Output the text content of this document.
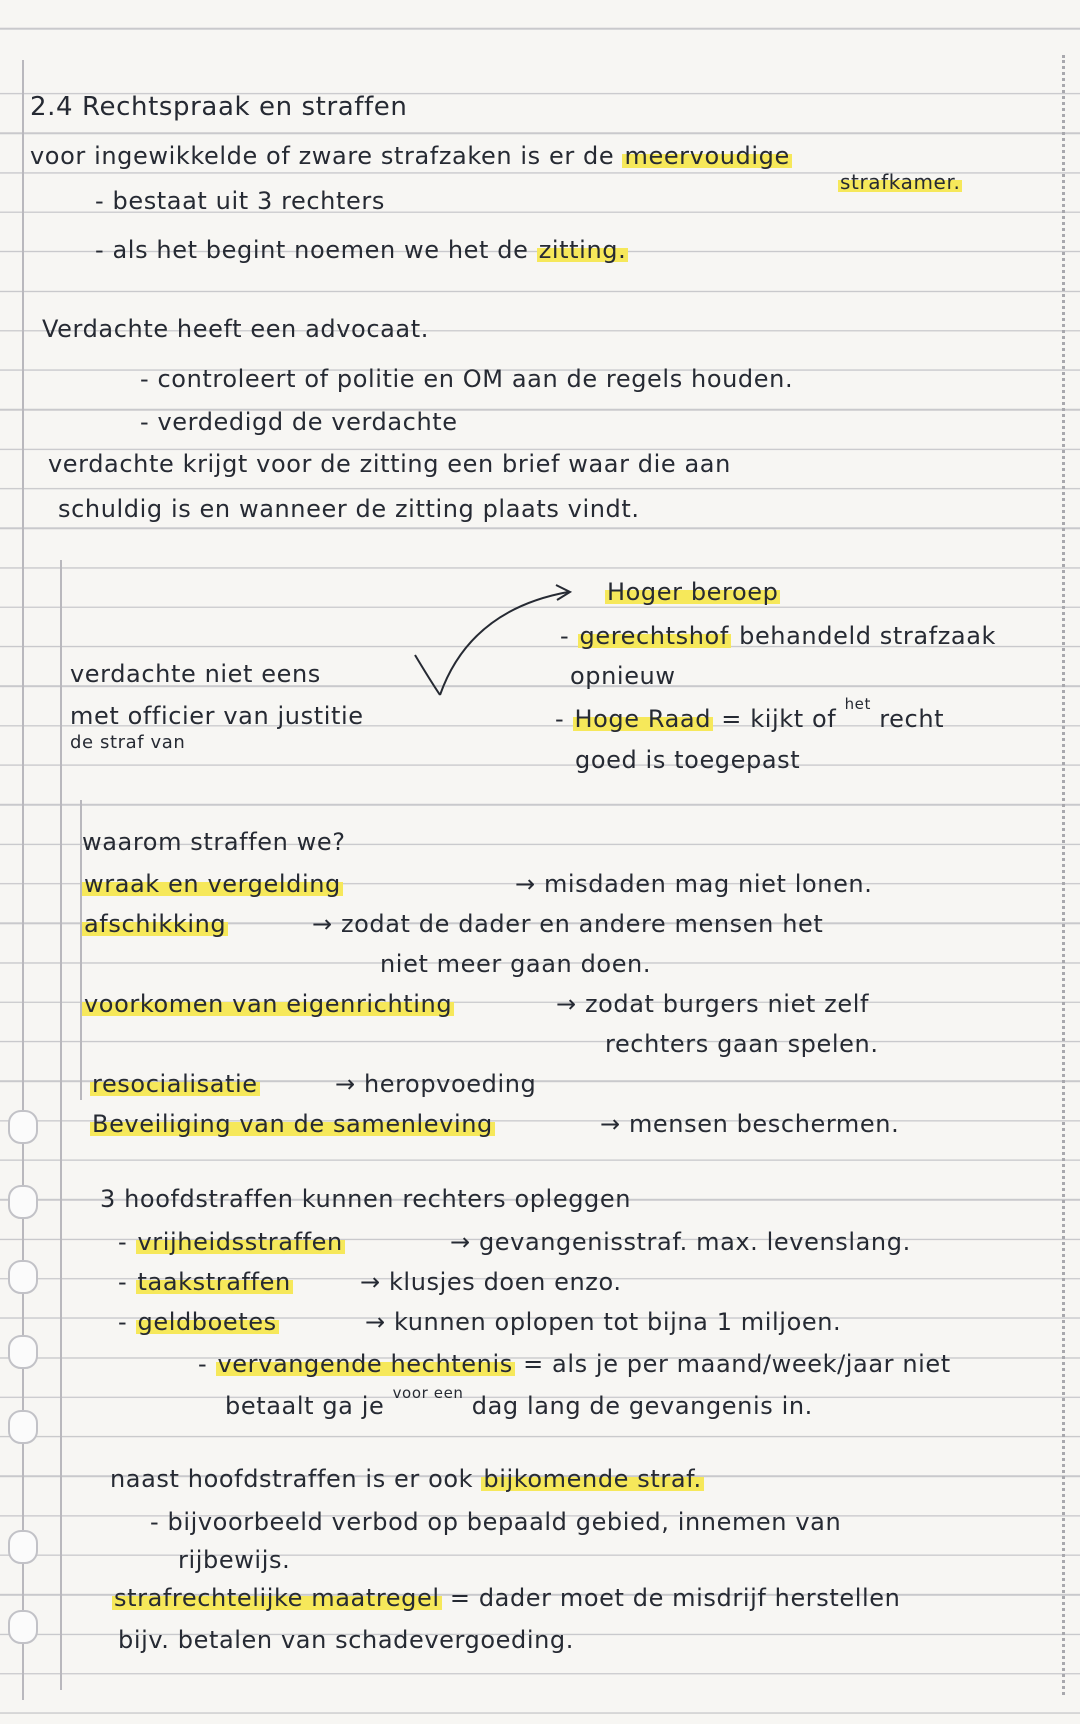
2.4 Rechtspraak en straffen
voor ingewikkelde of zware strafzaken is er de meervoudige
strafkamer.
- bestaat uit 3 rechters
- als het begint noemen we het de zitting.
Verdachte heeft een advocaat.
- controleert of politie en OM aan de regels houden.
- verdedigd de verdachte
verdachte krijgt voor de zitting een brief waar die aan
schuldig is en wanneer de zitting plaats vindt.
Hoger beroep
- gerechtshof behandeld strafzaak
opnieuw
verdachte niet eens
met officier van justitie
de straf van
- Hoge Raad = kijkt of $^{het}$ recht
goed is toegepast
waarom straffen we?
3 hoofdstraffen kunnen rechters opleggen
- vervangende hechtenis = als je per maand/week/jaar niet
betaalt ga je $^{voor een}$ dag lang de gevangenis in.
naast hoofdstraffen is er ook bijkomende straf.
- bijvoorbeeld verbod op bepaald gebied, innemen van
rijbewijs.
strafrechtelijke maatregel = dader moet de misdrijf herstellen
bijv. betalen van schadevergoeding.
wraak en vergelding	→ misdaden mag niet lonen.
afschikking	→ zodat de dader en andere mensen het
niet meer gaan doen.
voorkomen van eigenrichting	→ zodat burgers niet zelf
rechters gaan spelen.
resocialisatie	→ heropvoeding
Beveiliging van de samenleving	→ mensen beschermen.
- vrijheidsstraffen	→ gevangenisstraf. max. levenslang.
- taakstraffen	→ klusjes doen enzo.
- geldboetes	→ kunnen oplopen tot bijna 1 miljoen.
